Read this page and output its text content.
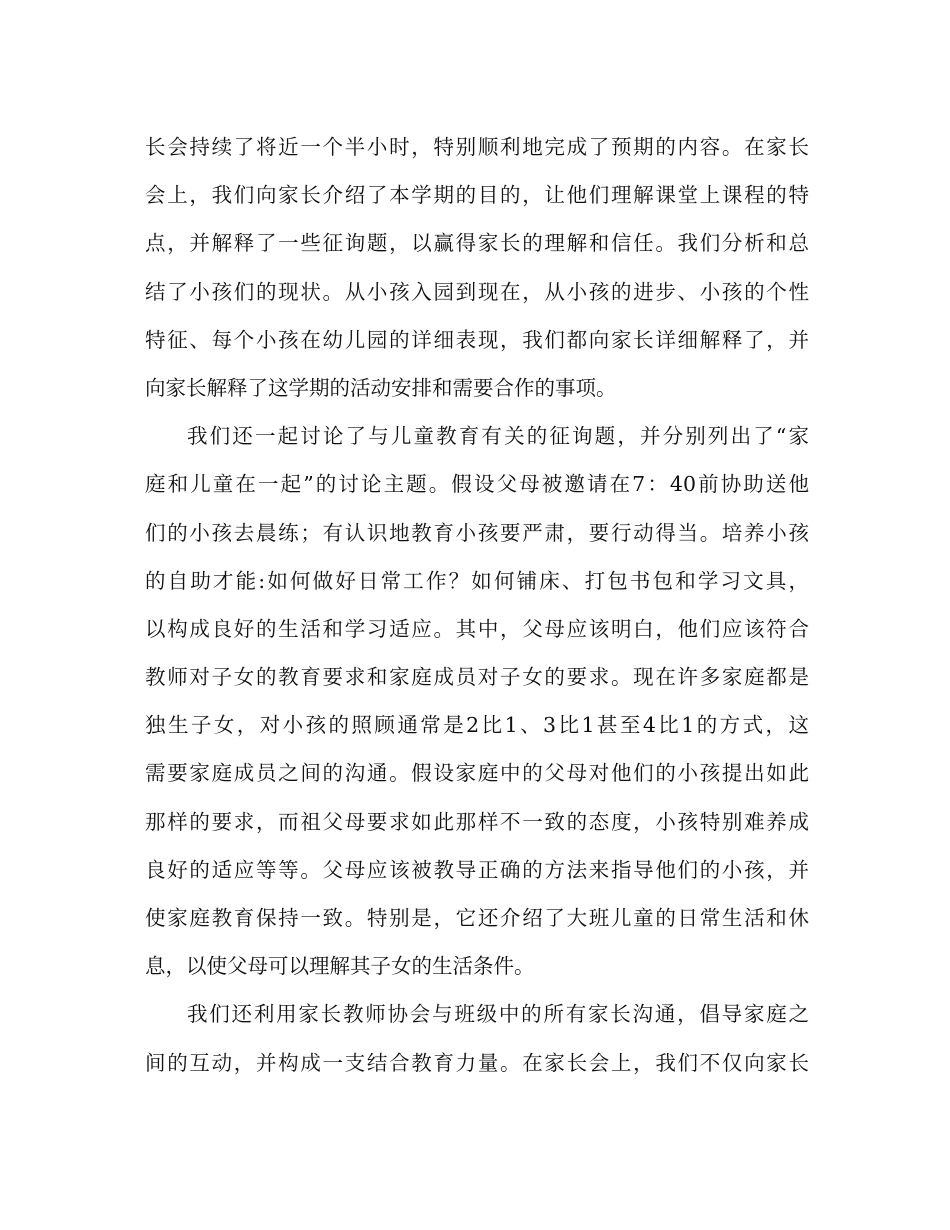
长会持续了将近一个半小时，特别顺利地完成了预期的内容。在家长
会上，我们向家长介绍了本学期的目的，让他们理解课堂上课程的特
点，并解释了一些征询题，以赢得家长的理解和信任。我们分析和总
结了小孩们的现状。从小孩入园到现在，从小孩的进步、小孩的个性
特征、每个小孩在幼儿园的详细表现，我们都向家长详细解释了，并
向家长解释了这学期的活动安排和需要合作的事项。
我们还一起讨论了与儿童教育有关的征询题，并分别列出了“家
庭和儿童在一起”的讨论主题。假设父母被邀请在7：40前协助送他
们的小孩去晨练；有认识地教育小孩要严肃，要行动得当。培养小孩
的自助才能:如何做好日常工作？如何铺床、打包书包和学习文具，
以构成良好的生活和学习适应。其中，父母应该明白，他们应该符合
教师对子女的教育要求和家庭成员对子女的要求。现在许多家庭都是
独生子女，对小孩的照顾通常是2比1、3比1甚至4比1的方式，这
需要家庭成员之间的沟通。假设家庭中的父母对他们的小孩提出如此
那样的要求，而祖父母要求如此那样不一致的态度，小孩特别难养成
良好的适应等等。父母应该被教导正确的方法来指导他们的小孩，并
使家庭教育保持一致。特别是，它还介绍了大班儿童的日常生活和休
息，以使父母可以理解其子女的生活条件。
我们还利用家长教师协会与班级中的所有家长沟通，倡导家庭之
间的互动，并构成一支结合教育力量。在家长会上，我们不仅向家长
